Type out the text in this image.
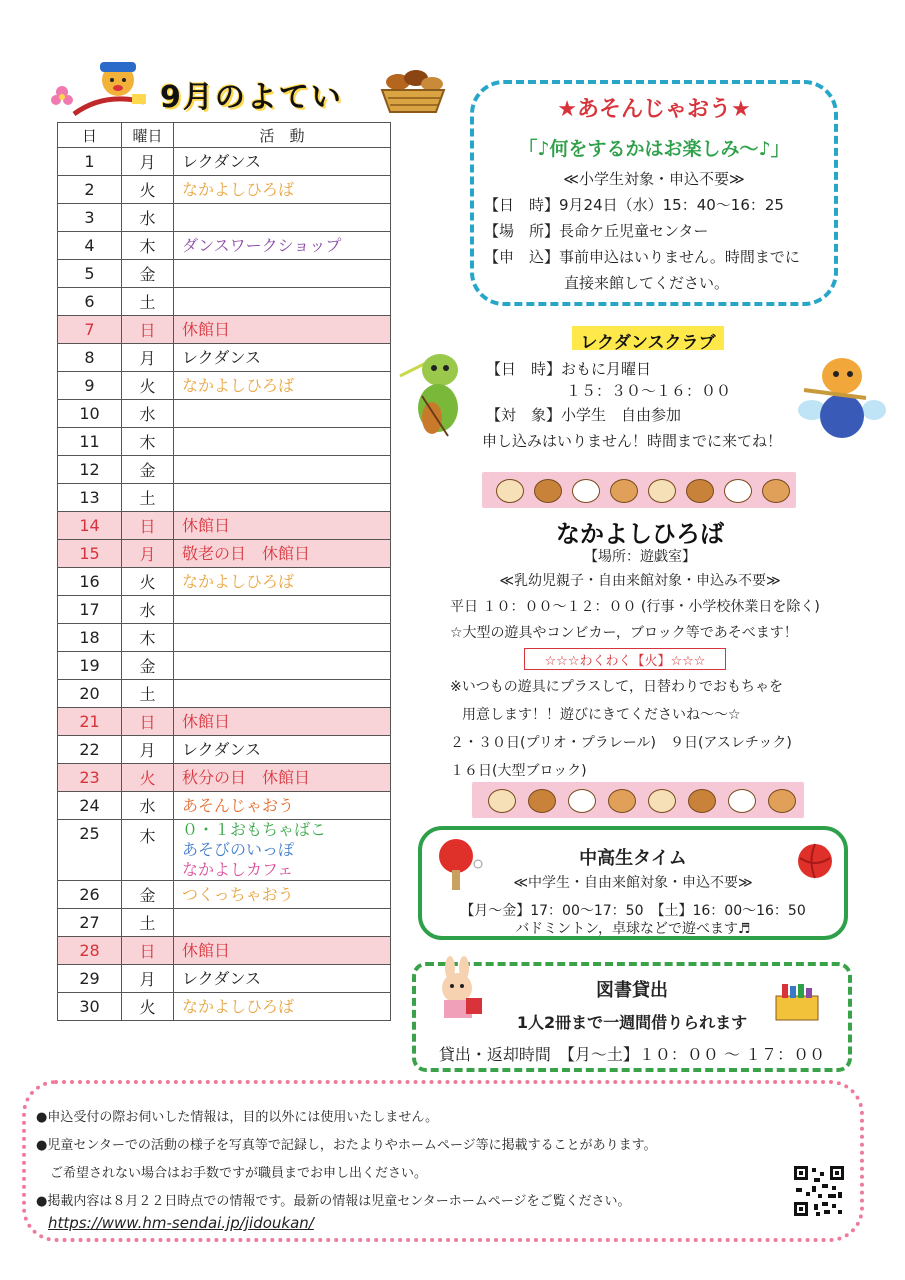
9月のよてい
日	曜日	活　動
1	月	レクダンス

2	火	なかよしひろば

3	水	
4	木	ダンスワークショップ

5	金	
6	土	
7	日	休館日

8	月	レクダンス

9	火	なかよしひろば

10	水	
11	木	
12	金	
13	土	
14	日	休館日

15	月	敬老の日　休館日

16	火	なかよしひろば

17	水	
18	木	
19	金	
20	土	
21	日	休館日

22	月	レクダンス

23	火	秋分の日　休館日

24	水	あそんじゃおう

25	木	０・１おもちゃばこ
あそびのいっぽ
なかよしカフェ

26	金	つくっちゃおう

27	土	
28	日	休館日

29	月	レクダンス

30	火	なかよしひろば
★あそんじゃおう★
「♪何をするかはお楽しみ～♪」
≪小学生対象・申込不要≫
【日　時】9月24日（水）15：40～16：25
【場　所】長命ケ丘児童センター
【申　込】事前申込はいりません。時間までに
直接来館してください。
レクダンスクラブ
【日　時】おもに月曜日
１５：３０～１６：００
【対　象】小学生　自由参加
申し込みはいりません！時間までに来てね！
なかよしひろば
【場所：遊戯室】
≪乳幼児親子・自由来館対象・申込み不要≫
平日 １０：００～１２：００ (行事・小学校休業日を除く)
☆大型の遊具やコンビカー，ブロック等であそべます！
☆☆☆わくわく【火】☆☆☆
※いつもの遊具にプラスして，日替わりでおもちゃを
用意します！！遊びにきてくださいね～～☆
２・３０日(プリオ・プラレール)　９日(アスレチック)
１６日(大型ブロック)
中高生タイム
≪中学生・自由来館対象・申込不要≫
【月～金】17：00～17：50　【土】16：00～16：50
バドミントン，卓球などで遊べます♬
図書貸出
1人2冊まで一週間借りられます
貸出・返却時間　【月～土】１０：００ ～ １７：００
●申込受付の際お伺いした情報は，目的以外には使用いたしません。
●児童センターでの活動の様子を写真等で記録し，おたよりやホームページ等に掲載することがあります。
ご希望されない場合はお手数ですが職員までお申し出ください。
●掲載内容は８月２２日時点での情報です。最新の情報は児童センターホームページをご覧ください。
https://www.hm-sendai.jp/jidoukan/
